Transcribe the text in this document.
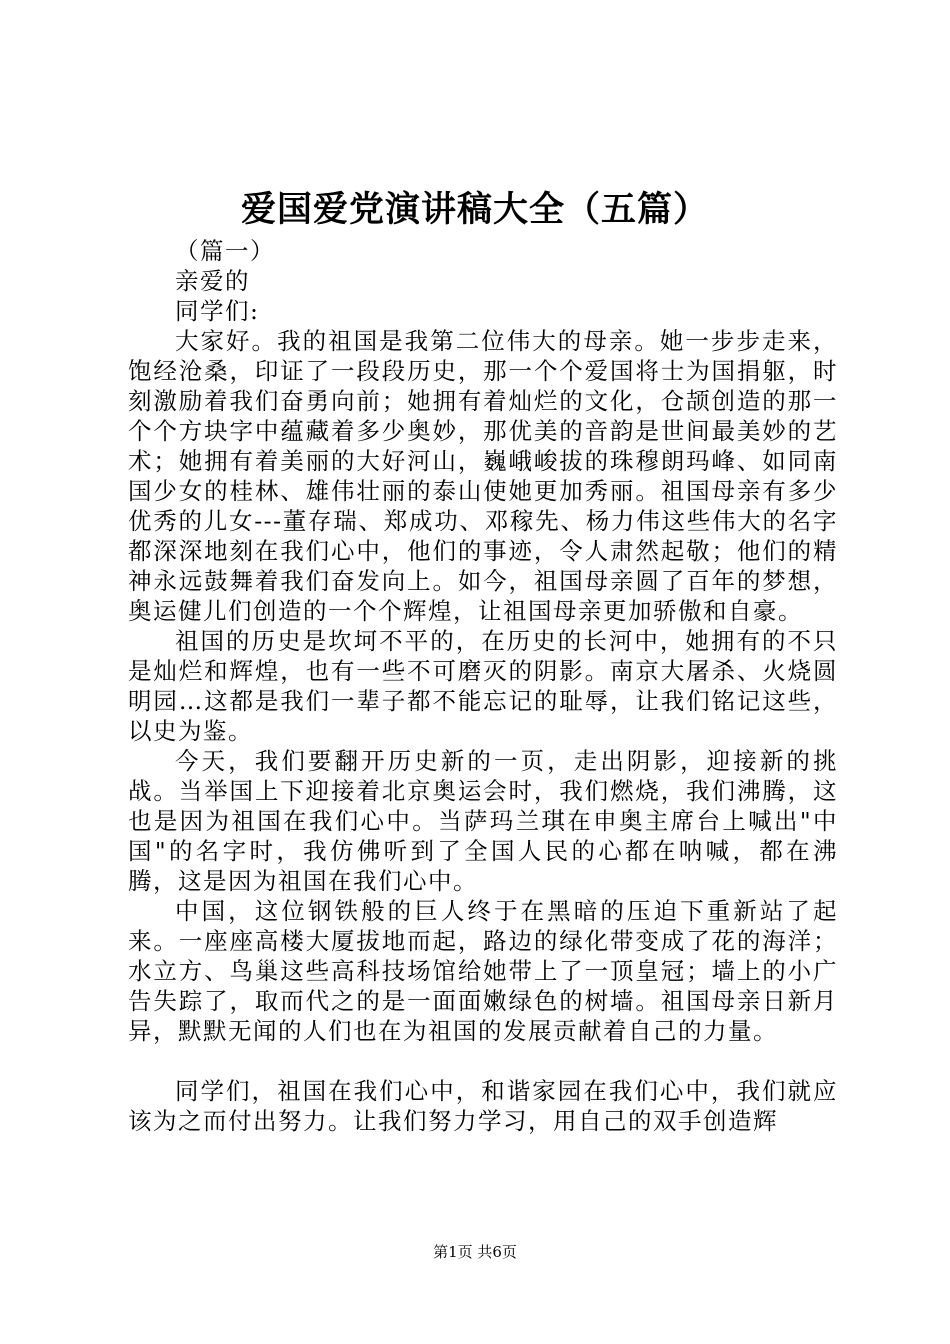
爱国爱党演讲稿大全（五篇）

（篇一）

亲爱的

同学们:

大家好。我的祖国是我第二位伟大的母亲。她一步步走来，饱经沧桑，印证了一段段历史，那一个个爱国将士为国捐躯，时刻激励着我们奋勇向前；她拥有着灿烂的文化，仓颉创造的那一个个方块字中蕴藏着多少奥妙，那优美的音韵是世间最美妙的艺术；她拥有着美丽的大好河山，巍峨峻拔的珠穆朗玛峰、如同南国少女的桂林、雄伟壮丽的泰山使她更加秀丽。祖国母亲有多少优秀的儿女---董存瑞、郑成功、邓稼先、杨力伟这些伟大的名字都深深地刻在我们心中，他们的事迹，令人肃然起敬；他们的精神永远鼓舞着我们奋发向上。如今，祖国母亲圆了百年的梦想，奥运健儿们创造的一个个辉煌，让祖国母亲更加骄傲和自豪。

祖国的历史是坎坷不平的，在历史的长河中，她拥有的不只是灿烂和辉煌，也有一些不可磨灭的阴影。南京大屠杀、火烧圆明园…这都是我们一辈子都不能忘记的耻辱，让我们铭记这些，以史为鉴。

今天，我们要翻开历史新的一页，走出阴影，迎接新的挑战。当举国上下迎接着北京奥运会时，我们燃烧，我们沸腾，这也是因为祖国在我们心中。当萨玛兰琪在申奥主席台上喊出"中国"的名字时，我仿佛听到了全国人民的心都在呐喊，都在沸腾，这是因为祖国在我们心中。

中国，这位钢铁般的巨人终于在黑暗的压迫下重新站了起来。一座座高楼大厦拔地而起，路边的绿化带变成了花的海洋；水立方、鸟巢这些高科技场馆给她带上了一顶皇冠；墙上的小广告失踪了，取而代之的是一面面嫩绿色的树墙。祖国母亲日新月异，默默无闻的人们也在为祖国的发展贡献着自己的力量。

同学们，祖国在我们心中，和谐家园在我们心中，我们就应该为之而付出努力。让我们努力学习，用自己的双手创造辉

第1页 共6页
